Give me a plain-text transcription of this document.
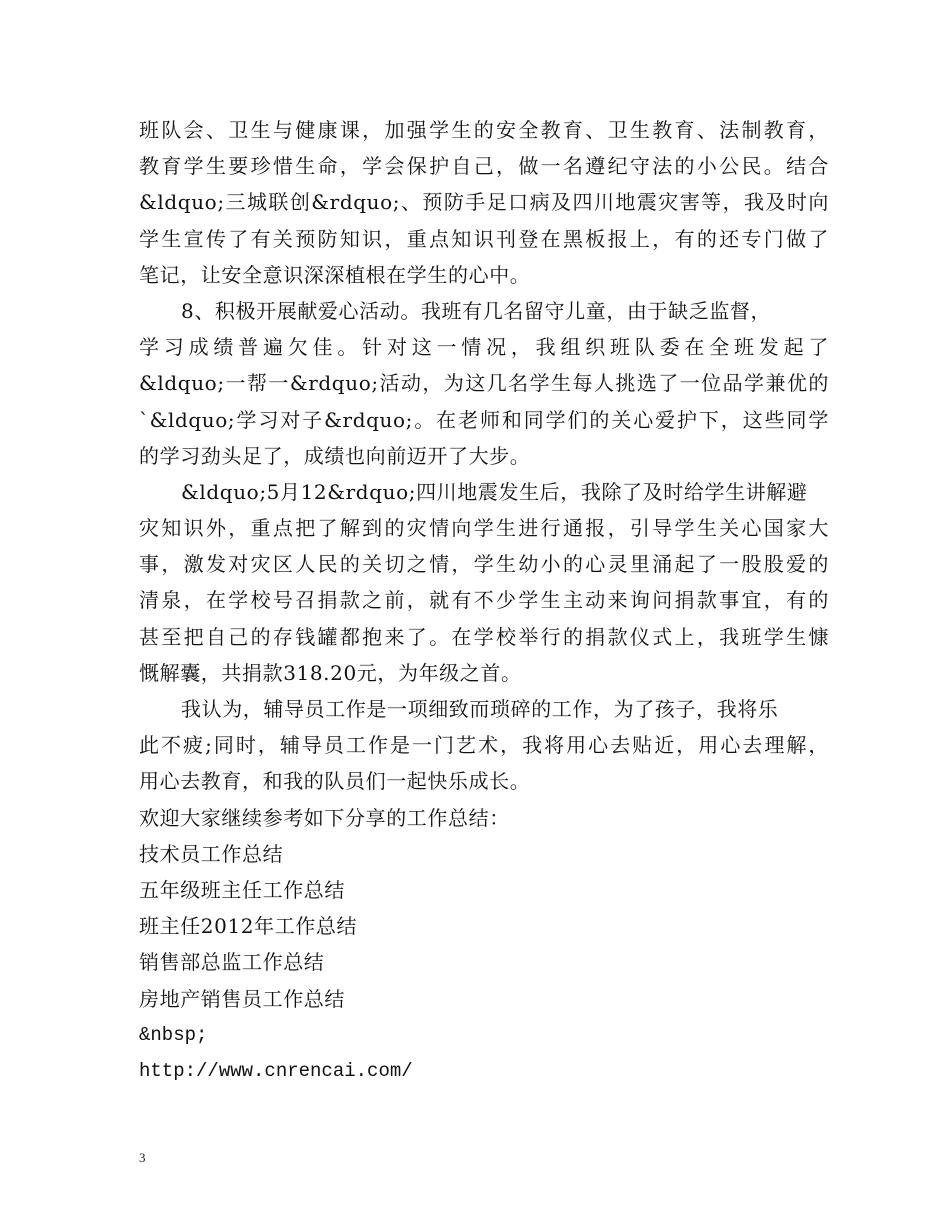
班队会、卫生与健康课，加强学生的安全教育、卫生教育、法制教育，
教育学生要珍惜生命，学会保护自己，做一名遵纪守法的小公民。结合
&ldquo;三城联创&rdquo;、预防手足口病及四川地震灾害等，我及时向
学生宣传了有关预防知识，重点知识刊登在黑板报上，有的还专门做了
笔记，让安全意识深深植根在学生的心中。
8、积极开展献爱心活动。我班有几名留守儿童，由于缺乏监督，
学习成绩普遍欠佳。针对这一情况，我组织班队委在全班发起了
&ldquo;一帮一&rdquo;活动，为这几名学生每人挑选了一位品学兼优的
`&ldquo;学习对子&rdquo;。在老师和同学们的关心爱护下，这些同学
的学习劲头足了，成绩也向前迈开了大步。
&ldquo;5月12&rdquo;四川地震发生后，我除了及时给学生讲解避
灾知识外，重点把了解到的灾情向学生进行通报，引导学生关心国家大
事，激发对灾区人民的关切之情，学生幼小的心灵里涌起了一股股爱的
清泉，在学校号召捐款之前，就有不少学生主动来询问捐款事宜，有的
甚至把自己的存钱罐都抱来了。在学校举行的捐款仪式上，我班学生慷
慨解囊，共捐款318.20元，为年级之首。
我认为，辅导员工作是一项细致而琐碎的工作，为了孩子，我将乐
此不疲;同时，辅导员工作是一门艺术，我将用心去贴近，用心去理解，
用心去教育，和我的队员们一起快乐成长。
欢迎大家继续参考如下分享的工作总结：
技术员工作总结
五年级班主任工作总结
班主任2012年工作总结
销售部总监工作总结
房地产销售员工作总结
&nbsp;
http://www.cnrencai.com/
3
